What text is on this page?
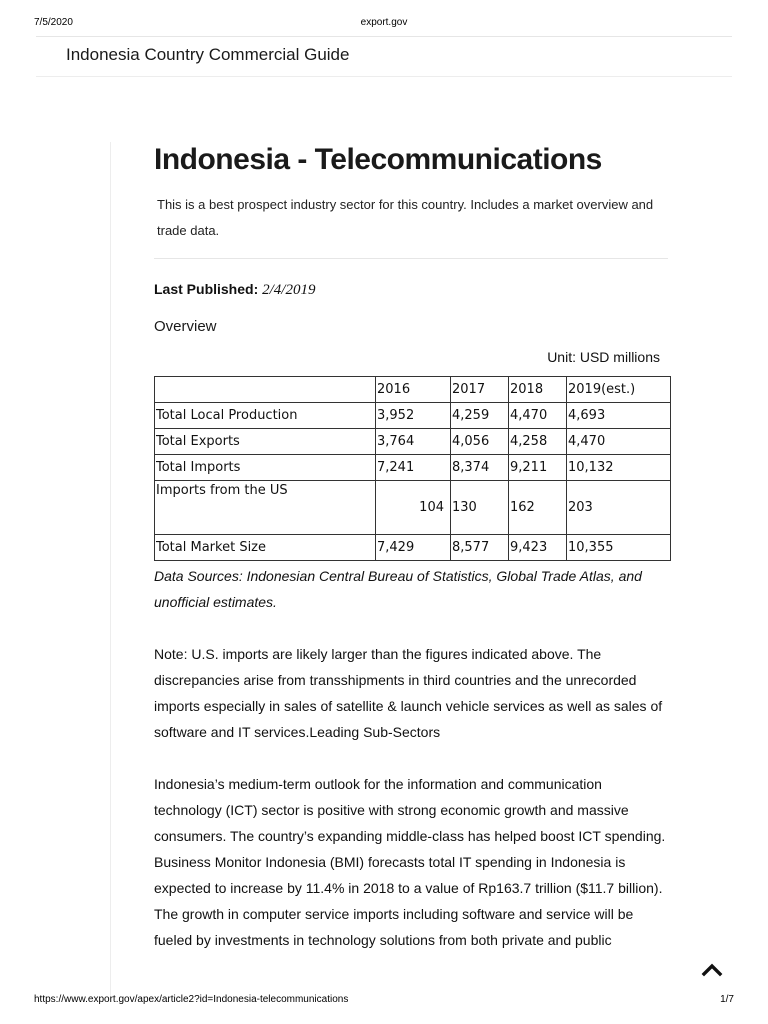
7/5/2020	export.gov
Indonesia Country Commercial Guide
Indonesia - Telecommunications
This is a best prospect industry sector for this country. Includes a market overview and trade data.
Last Published: 2/4/2019
Overview
Unit: USD millions
	2016	2017	2018	2019(est.)
Total Local Production	3,952	4,259	4,470	4,693
Total Exports	3,764	4,056	4,258	4,470
Total Imports	7,241	8,374	9,211	10,132
Imports from the US	104	130	162	203
Total Market Size	7,429	8,577	9,423	10,355
Data Sources: Indonesian Central Bureau of Statistics, Global Trade Atlas, and unofficial estimates.
Note: U.S. imports are likely larger than the figures indicated above. The discrepancies arise from transshipments in third countries and the unrecorded imports especially in sales of satellite & launch vehicle services as well as sales of software and IT services.Leading Sub-Sectors
Indonesia’s medium-term outlook for the information and communication technology (ICT) sector is positive with strong economic growth and massive consumers. The country’s expanding middle-class has helped boost ICT spending. Business Monitor Indonesia (BMI) forecasts total IT spending in Indonesia is expected to increase by 11.4% in 2018 to a value of Rp163.7 trillion ($11.7 billion).
The growth in computer service imports including software and service will be fueled by investments in technology solutions from both private and public
https://www.export.gov/apex/article2?id=Indonesia-telecommunications	1/7
